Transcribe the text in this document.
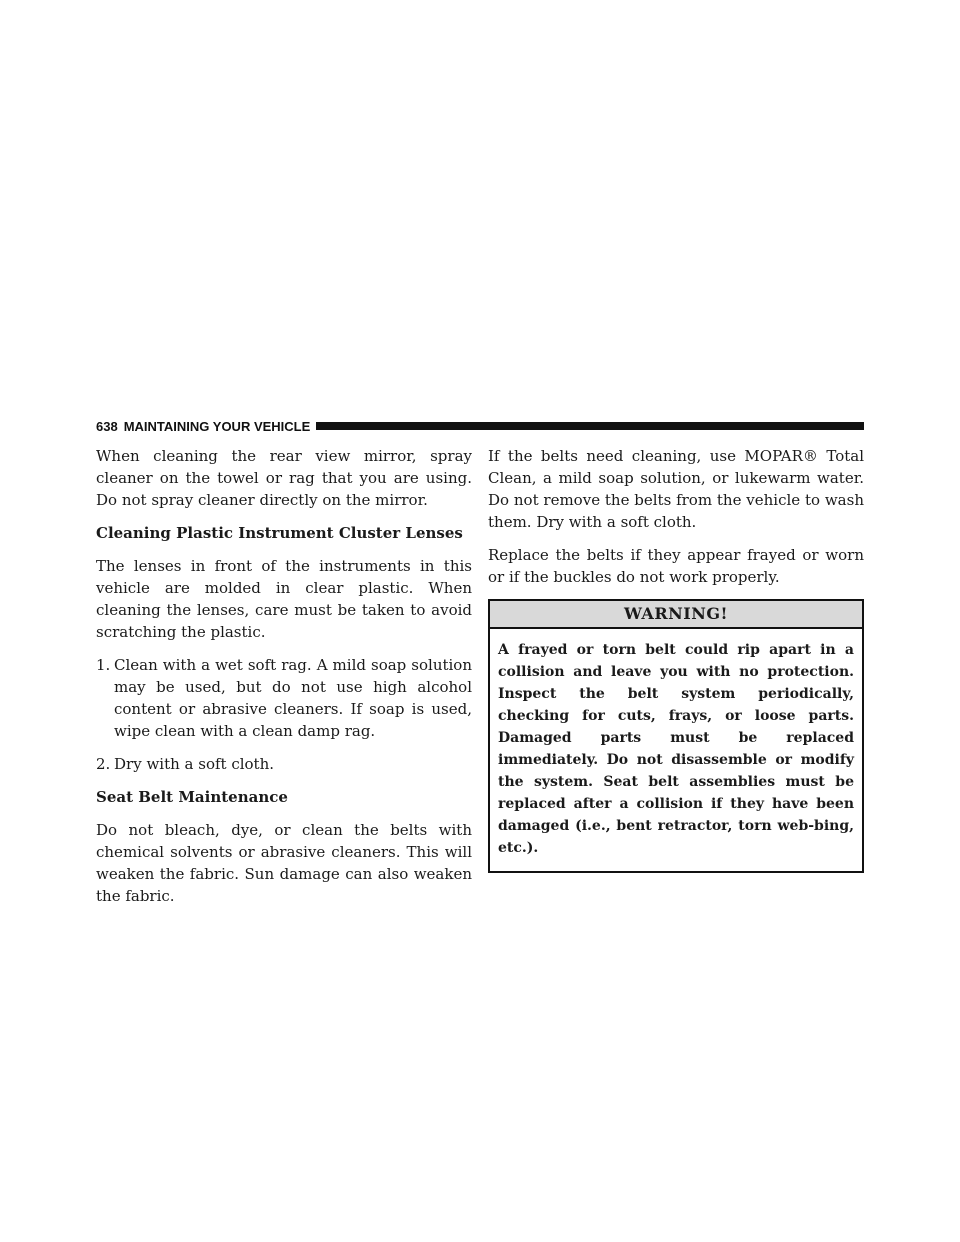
638 MAINTAINING YOUR VEHICLE

When cleaning the rear view mirror, spray cleaner on the towel or rag that you are using. Do not spray cleaner directly on the mirror.

Cleaning Plastic Instrument Cluster Lenses

The lenses in front of the instruments in this vehicle are molded in clear plastic. When cleaning the lenses, care must be taken to avoid scratching the plastic.

1. Clean with a wet soft rag. A mild soap solution may be used, but do not use high alcohol content or abrasive cleaners. If soap is used, wipe clean with a clean damp rag.
2. Dry with a soft cloth.

Seat Belt Maintenance

Do not bleach, dye, or clean the belts with chemical solvents or abrasive cleaners. This will weaken the fabric. Sun damage can also weaken the fabric.

If the belts need cleaning, use MOPAR® Total Clean, a mild soap solution, or lukewarm water. Do not remove the belts from the vehicle to wash them. Dry with a soft cloth.

Replace the belts if they appear frayed or worn or if the buckles do not work properly.

WARNING!
A frayed or torn belt could rip apart in a collision and leave you with no protection. Inspect the belt system periodically, checking for cuts, frays, or loose parts. Damaged parts must be replaced immediately. Do not disassemble or modify the system. Seat belt assemblies must be replaced after a collision if they have been damaged (i.e., bent retractor, torn web-bing, etc.).
